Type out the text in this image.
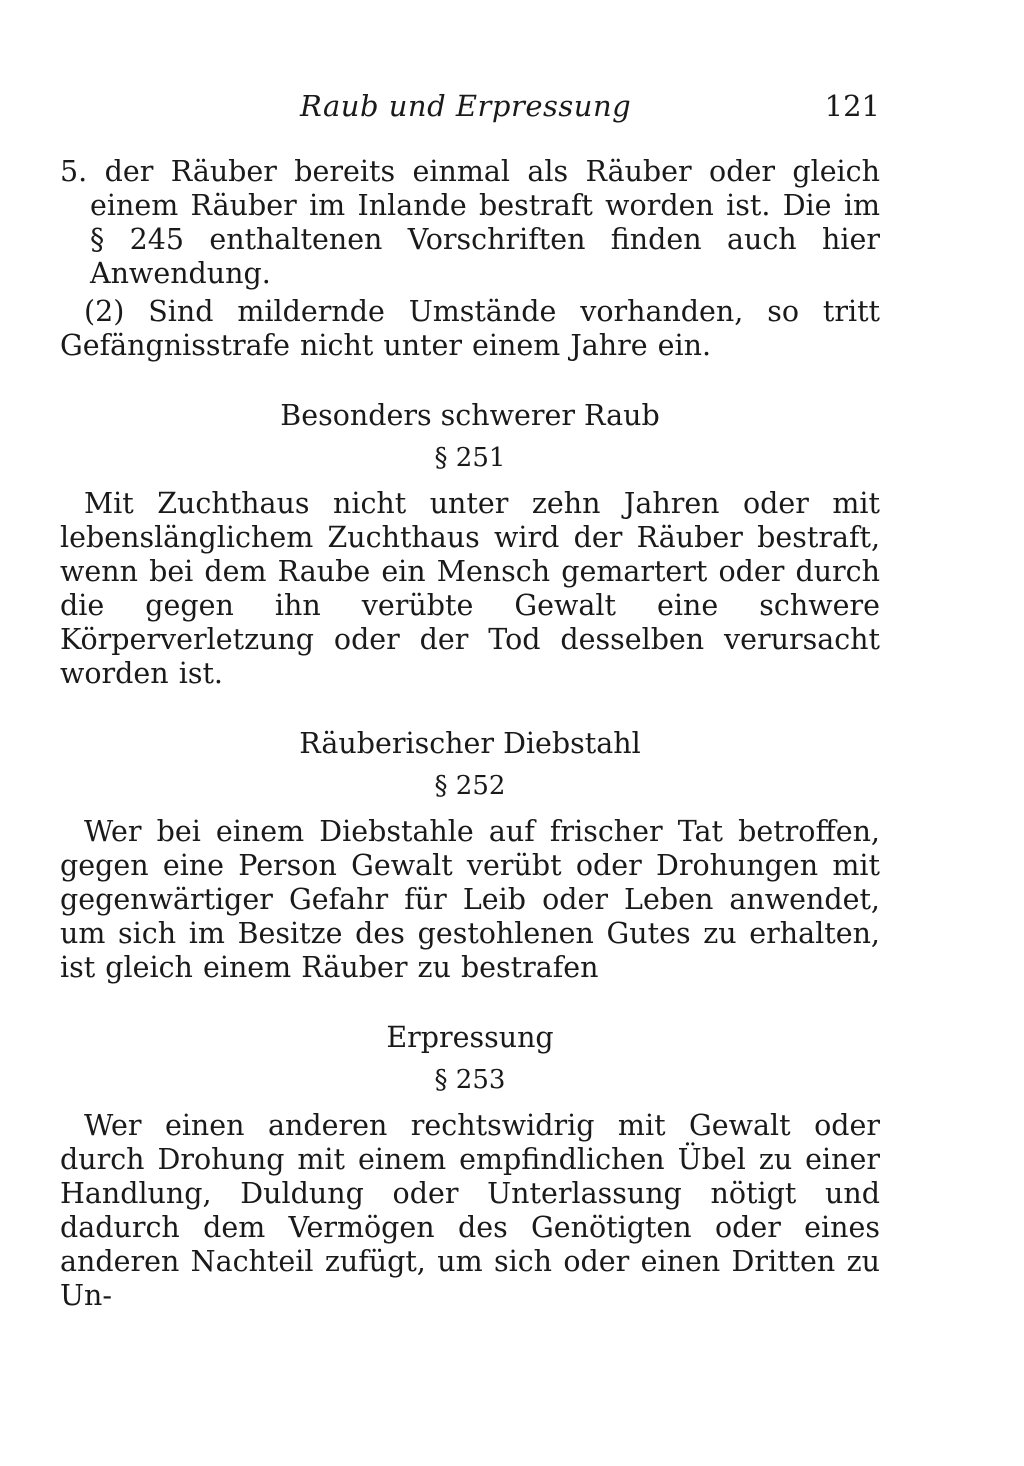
Raub und Erpressung	121

5. der Räuber bereits einmal als Räuber oder gleich einem Räuber im Inlande bestraft worden ist. Die im § 245 enthaltenen Vorschriften finden auch hier Anwendung.

(2) Sind mildernde Umstände vorhanden, so tritt Gefängnisstrafe nicht unter einem Jahre ein.

Besonders schwerer Raub
§ 251

Mit Zuchthaus nicht unter zehn Jahren oder mit lebenslänglichem Zuchthaus wird der Räuber bestraft, wenn bei dem Raube ein Mensch gemartert oder durch die gegen ihn verübte Gewalt eine schwere Körperverletzung oder der Tod desselben verursacht worden ist.

Räuberischer Diebstahl
§ 252

Wer bei einem Diebstahle auf frischer Tat betroffen, gegen eine Person Gewalt verübt oder Drohungen mit gegenwärtiger Gefahr für Leib oder Leben anwendet, um sich im Besitze des gestohlenen Gutes zu erhalten, ist gleich einem Räuber zu bestrafen

Erpressung
§ 253

Wer einen anderen rechtswidrig mit Gewalt oder durch Drohung mit einem empfindlichen Übel zu einer Handlung, Duldung oder Unterlassung nötigt und dadurch dem Vermögen des Genötigten oder eines anderen Nachteil zufügt, um sich oder einen Dritten zu Un-
